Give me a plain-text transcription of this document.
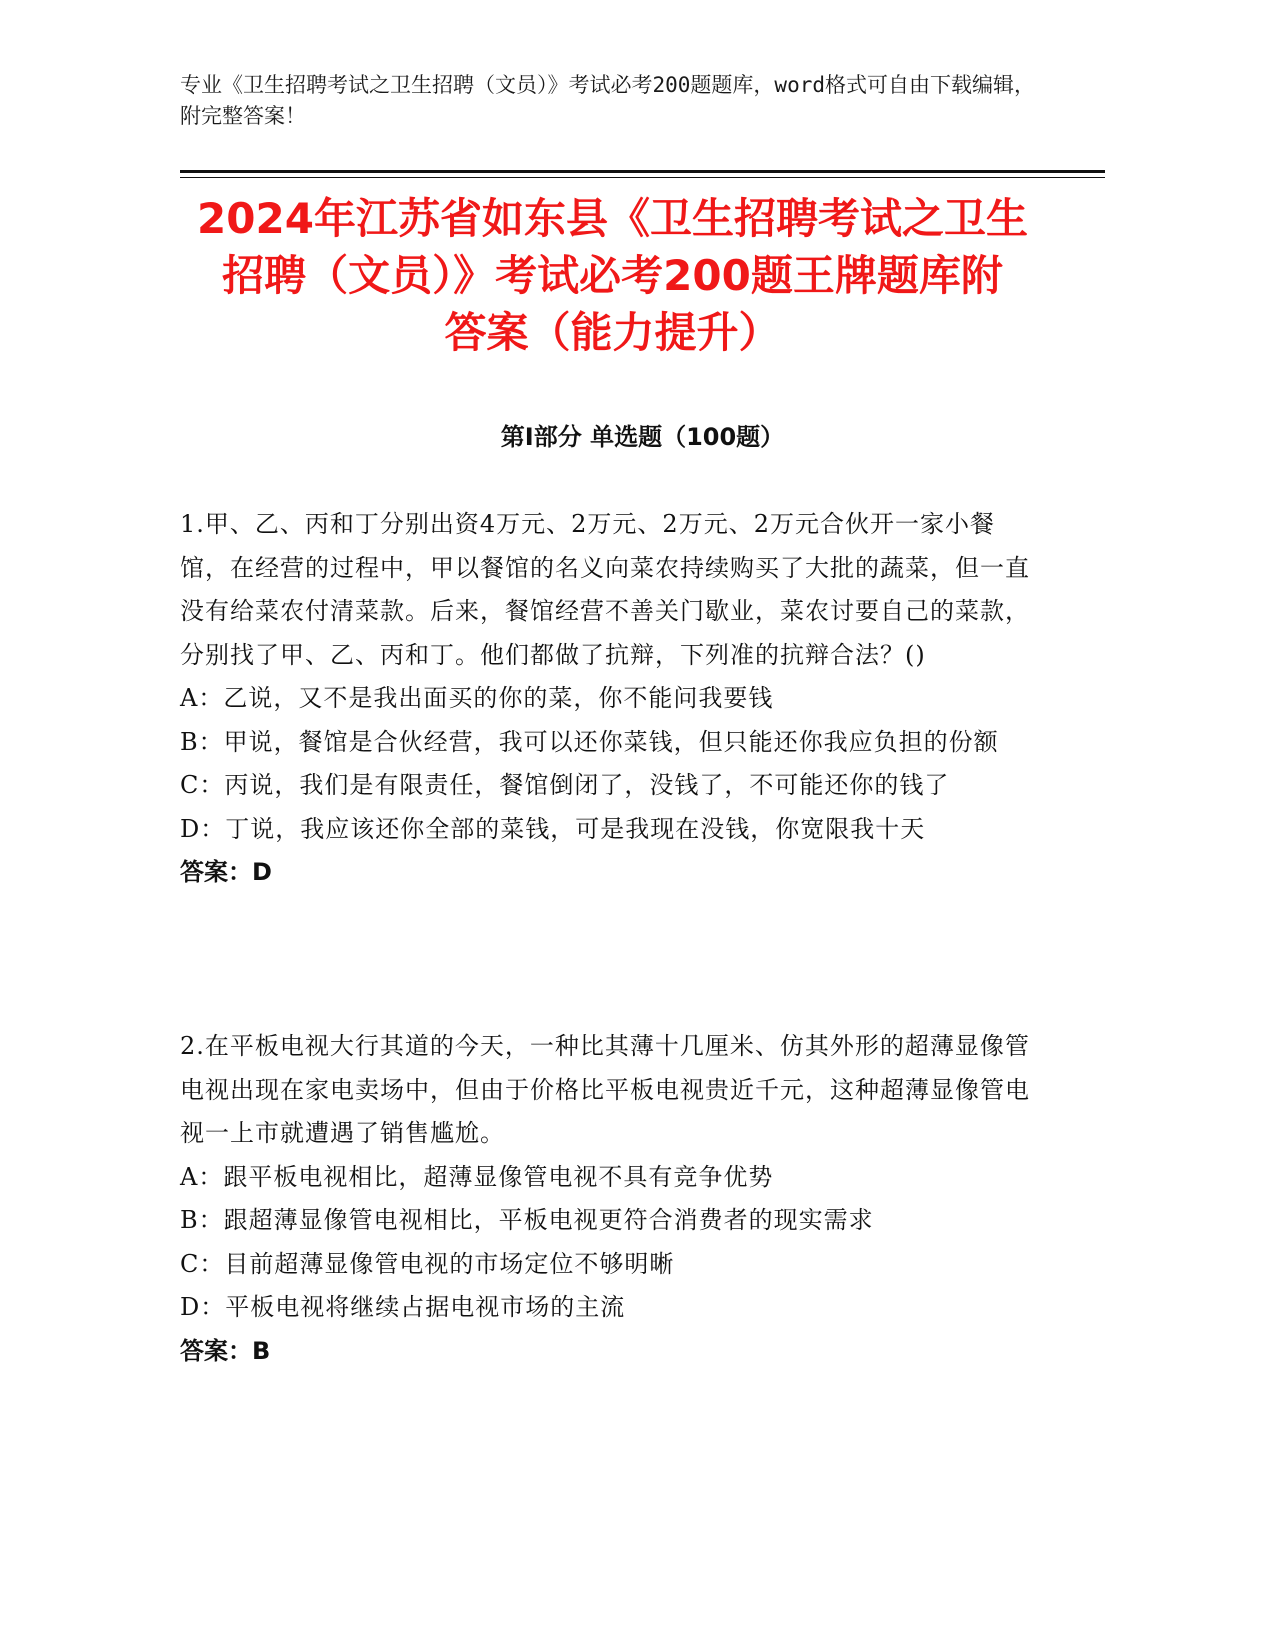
专业《卫生招聘考试之卫生招聘（文员）》考试必考200题题库，word格式可自由下载编辑，附完整答案！
2024年江苏省如东县《卫生招聘考试之卫生
招聘（文员）》考试必考200题王牌题库附
答案（能力提升）
第I部分 单选题（100题）

1.甲、乙、丙和丁分别出资4万元、2万元、2万元、2万元合伙开一家小餐馆，在经营的过程中，甲以餐馆的名义向菜农持续购买了大批的蔬菜，但一直没有给菜农付清菜款。后来，餐馆经营不善关门歇业，菜农讨要自己的菜款，分别找了甲、乙、丙和丁。他们都做了抗辩，下列准的抗辩合法？()

A：乙说，又不是我出面买的你的菜，你不能问我要钱

B：甲说，餐馆是合伙经营，我可以还你菜钱，但只能还你我应负担的份额

C：丙说，我们是有限责任，餐馆倒闭了，没钱了，不可能还你的钱了

D：丁说，我应该还你全部的菜钱，可是我现在没钱，你宽限我十天

答案：D

2.在平板电视大行其道的今天，一种比其薄十几厘米、仿其外形的超薄显像管电视出现在家电卖场中，但由于价格比平板电视贵近千元，这种超薄显像管电视一上市就遭遇了销售尴尬。

A：跟平板电视相比，超薄显像管电视不具有竞争优势

B：跟超薄显像管电视相比，平板电视更符合消费者的现实需求

C：目前超薄显像管电视的市场定位不够明晰

D：平板电视将继续占据电视市场的主流

答案：B
